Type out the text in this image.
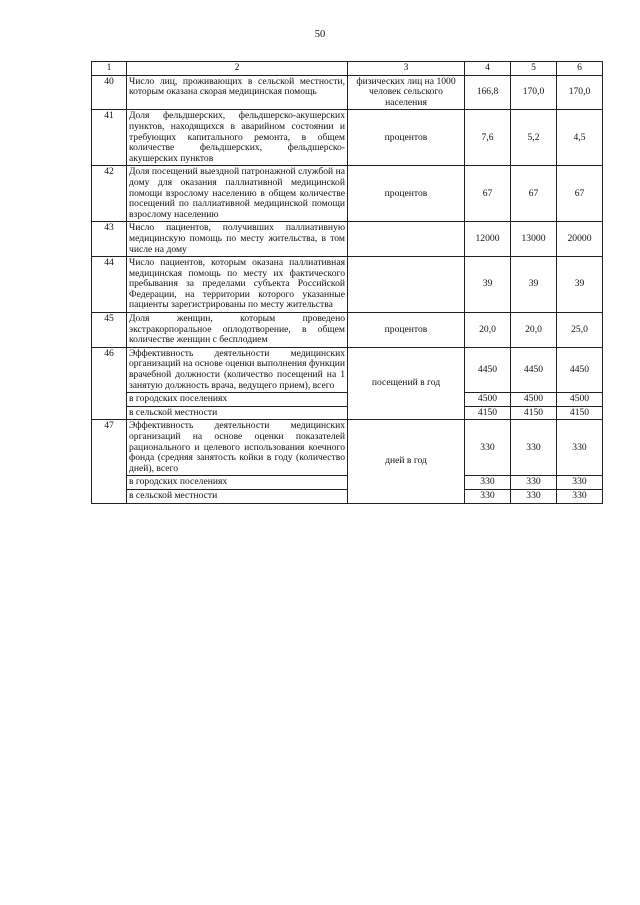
50
1	2	3	4	5	6
40	Число лиц, проживающих в сельской местности, которым оказана скорая медицинская помощь	физических лиц на 1000 человек сельского населения	166,8	170,0	170,0
41	Доля фельдшерских, фельдшерско-акушерских пунктов, находящихся в аварийном состоянии и требующих капитального ремонта, в общем количестве фельдшерских, фельдшерско-акушерских пунктов	процентов	7,6	5,2	4,5
42	Доля посещений выездной патронажной службой на дому для оказания паллиативной медицинской помощи взрослому населению в общем количестве посещений по паллиативной медицинской помощи взрослому населению	процентов	67	67	67
43	Число пациентов, получивших паллиативную медицинскую помощь по месту жительства, в том числе на дому		12000	13000	20000
44	Число пациентов, которым оказана паллиативная медицинская помощь по месту их фактического пребывания за пределами субъекта Российской Федерации, на территории которого указанные пациенты зарегистрированы по месту жительства		39	39	39
45	Доля женщин, которым проведено экстракорпоральное оплодотворение, в общем количестве женщин с бесплодием	процентов	20,0	20,0	25,0
46	Эффективность деятельности медицинских организаций на основе оценки выполнения функции врачебной должности (количество посещений на 1 занятую должность врача, ведущего прием), всего	посещений в год	4450	4450	4450
	в городских поселениях		4500	4500	4500
	в сельской местности		4150	4150	4150
47	Эффективность деятельности медицинских организаций на основе оценки показателей рационального и целевого использования коечного фонда (средняя занятость койки в году (количество дней), всего	дней в год	330	330	330
	в городских поселениях		330	330	330
	в сельской местности		330	330	330
